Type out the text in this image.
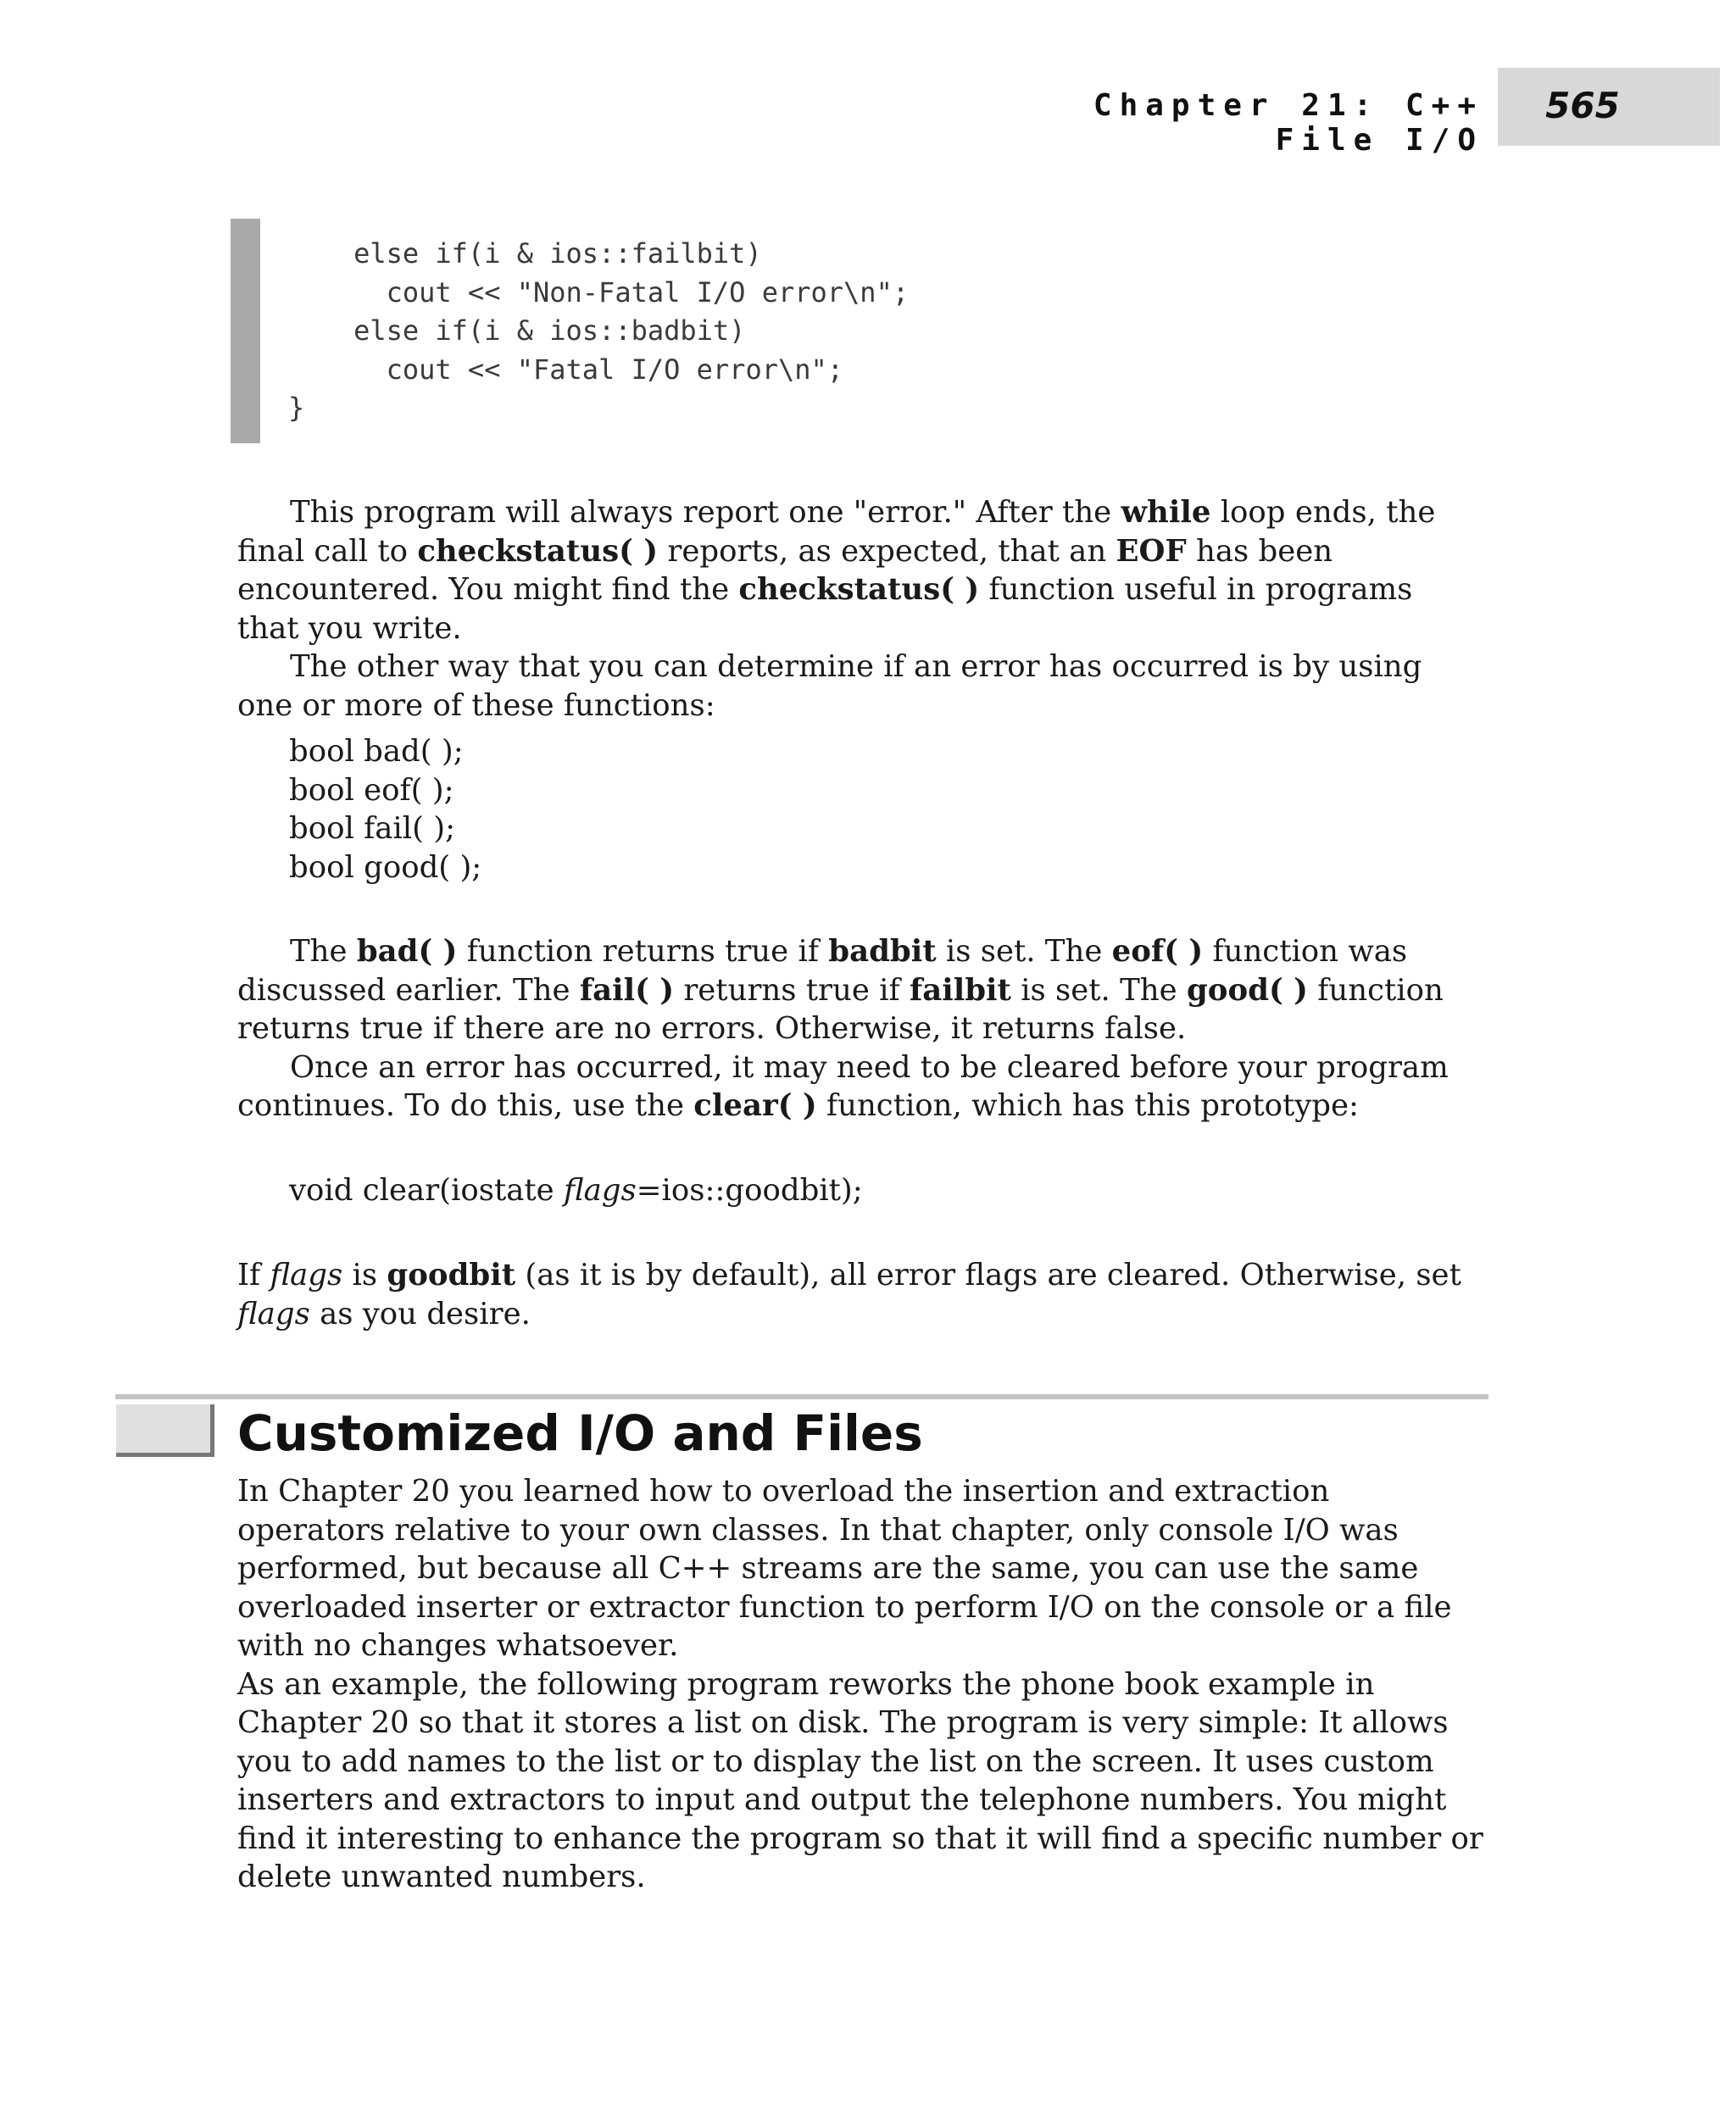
Chapter 21: C++ File I/O
565
else if(i & ios::failbit)
cout << "Non-Fatal I/O error\n";
else if(i & ios::badbit)
cout << "Fatal I/O error\n";
}

This program will always report one "error." After the while loop ends, the final call to checkstatus( ) reports, as expected, that an EOF has been encountered. You might find the checkstatus( ) function useful in programs that you write.

The other way that you can determine if an error has occurred is by using one or more of these functions:

bool bad( );
bool eof( );
bool fail( );
bool good( );

The bad( ) function returns true if badbit is set. The eof( ) function was discussed earlier. The fail( ) returns true if failbit is set. The good( ) function returns true if there are no errors. Otherwise, it returns false.

Once an error has occurred, it may need to be cleared before your program continues. To do this, use the clear( ) function, which has this prototype:

void clear(iostate flags=ios::goodbit);

If flags is goodbit (as it is by default), all error flags are cleared. Otherwise, set flags as you desire.

Customized I/O and Files

In Chapter 20 you learned how to overload the insertion and extraction operators relative to your own classes. In that chapter, only console I/O was performed, but because all C++ streams are the same, you can use the same overloaded inserter or extractor function to perform I/O on the console or a file with no changes whatsoever.

As an example, the following program reworks the phone book example in Chapter 20 so that it stores a list on disk. The program is very simple: It allows you to add names to the list or to display the list on the screen. It uses custom inserters and extractors to input and output the telephone numbers. You might find it interesting to enhance the program so that it will find a specific number or delete unwanted numbers.
